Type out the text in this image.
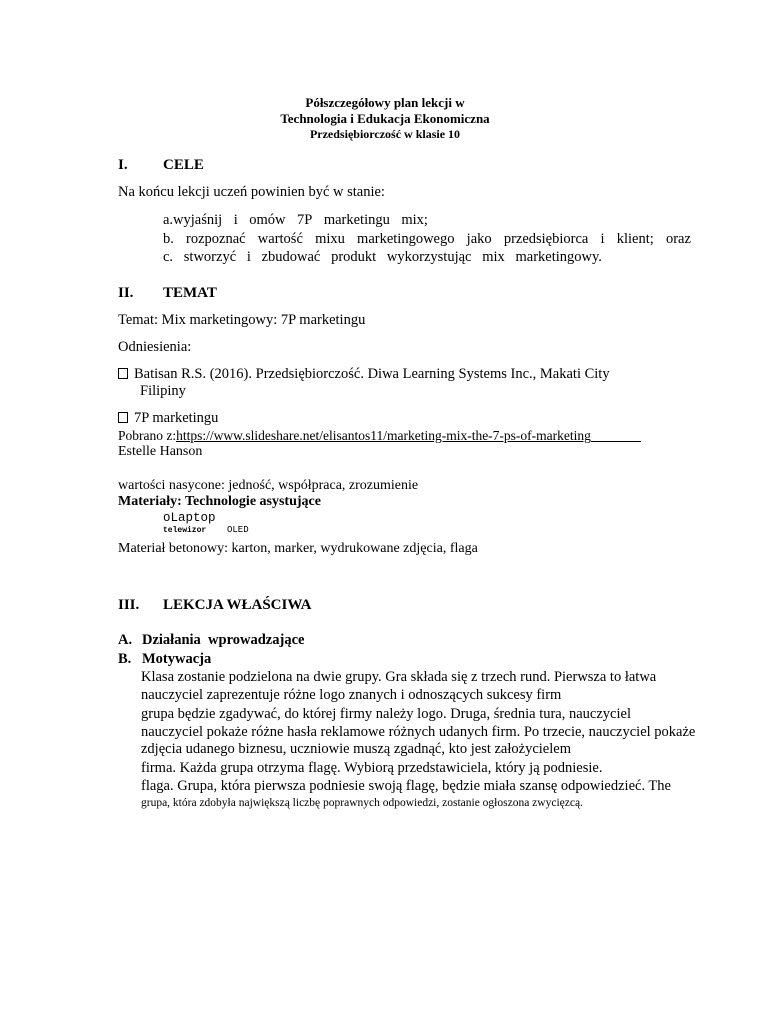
Półszczegółowy plan lekcji w
Technologia i Edukacja Ekonomiczna
Przedsiębiorczość w klasie 10
I. CELE
Na końcu lekcji uczeń powinien być w stanie:
a.wyjaśnij i omów 7P marketingu mix;
b. rozpoznać wartość mixu marketingowego jako przedsiębiorca i klient; oraz
c. stworzyć i zbudować produkt wykorzystując mix marketingowy.
II. TEMAT
Temat: Mix marketingowy: 7P marketingu
Odniesienia:
Batisan R.S. (2016). Przedsiębiorczość. Diwa Learning Systems Inc., Makati City
Filipiny
7P marketingu
Pobrano z:https://www.slideshare.net/elisantos11/marketing-mix-the-7-ps-of-marketing
Estelle Hanson
wartości nasycone: jedność, współpraca, zrozumienie
Materiały: Technologie asystujące
oLaptop
telewizor OLED
Materiał betonowy: karton, marker, wydrukowane zdjęcia, flaga
III. LEKCJA WŁAŚCIWA
A. Działania  wprowadzające
B. Motywacja
Klasa zostanie podzielona na dwie grupy. Gra składa się z trzech rund. Pierwsza to łatwa
nauczyciel zaprezentuje różne logo znanych i odnoszących sukcesy firm
grupa będzie zgadywać, do której firmy należy logo. Druga, średnia tura, nauczyciel
nauczyciel pokaże różne hasła reklamowe różnych udanych firm. Po trzecie, nauczyciel pokaże
zdjęcia udanego biznesu, uczniowie muszą zgadnąć, kto jest założycielem
firma. Każda grupa otrzyma flagę. Wybiorą przedstawiciela, który ją podniesie.
flaga. Grupa, która pierwsza podniesie swoją flagę, będzie miała szansę odpowiedzieć. The
grupa, która zdobyła największą liczbę poprawnych odpowiedzi, zostanie ogłoszona zwycięzcą.
